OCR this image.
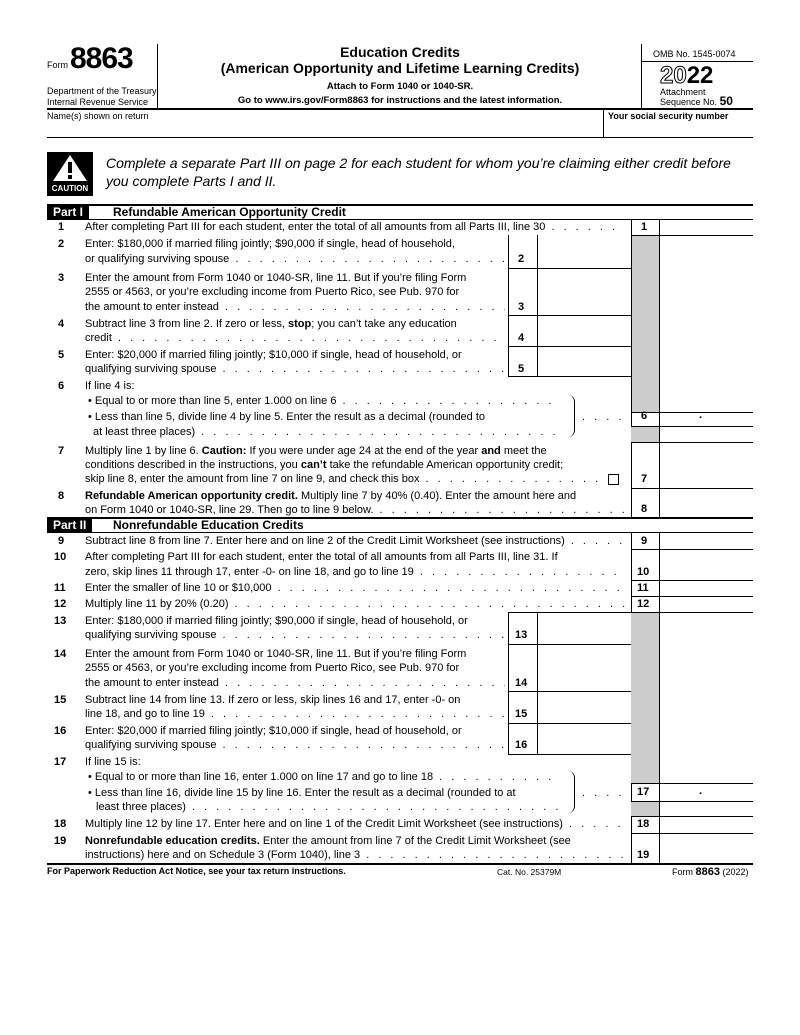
Form 8863
Department of the Treasury
Internal Revenue Service
Education Credits
(American Opportunity and Lifetime Learning Credits)
Attach to Form 1040 or 1040-SR.
Go to www.irs.gov/Form8863 for instructions and the latest information.
OMB No. 1545-0074
2022
Attachment
Sequence No. 50
Name(s) shown on return	Your social security number
CAUTION
Complete a separate Part III on page 2 for each student for whom you’re claiming either credit before
you complete Parts I and II.
Part I	Refundable American Opportunity Credit
1 After completing Part III for each student, enter the total of all amounts from all Parts III, line 30 . . .	1
2 Enter: $180,000 if married filing jointly; $90,000 if single, head of household,
or qualifying surviving spouse . . .	2
3 Enter the amount from Form 1040 or 1040-SR, line 11. But if you’re filing Form
2555 or 4563, or you’re excluding income from Puerto Rico, see Pub. 970 for
the amount to enter instead . . .	3
4 Subtract line 3 from line 2. If zero or less, stop; you can’t take any education
credit . . .	4
5 Enter: $20,000 if married filing jointly; $10,000 if single, head of household, or
qualifying surviving spouse . . .	5
6 If line 4 is:
• Equal to or more than line 5, enter 1.000 on line 6 . . .
• Less than line 5, divide line 4 by line 5. Enter the result as a decimal (rounded to
at least three places) . . .
. . .
6	.
7 Multiply line 1 by line 6. Caution: If you were under age 24 at the end of the year and meet the
conditions described in the instructions, you can’t take the refundable American opportunity credit;
skip line 8, enter the amount from line 7 on line 9, and check this box . . .	7
8 Refundable American opportunity credit. Multiply line 7 by 40% (0.40). Enter the amount here and
on Form 1040 or 1040-SR, line 29. Then go to line 9 below. . . .	8
Part II	Nonrefundable Education Credits
9 Subtract line 8 from line 7. Enter here and on line 2 of the Credit Limit Worksheet (see instructions) . . .	9
10 After completing Part III for each student, enter the total of all amounts from all Parts III, line 31. If
zero, skip lines 11 through 17, enter -0- on line 18, and go to line 19 . . .	10
11 Enter the smaller of line 10 or $10,000 . . .	11
12 Multiply line 11 by 20% (0.20) . . .	12
13 Enter: $180,000 if married filing jointly; $90,000 if single, head of household, or
qualifying surviving spouse . . .	13
14 Enter the amount from Form 1040 or 1040-SR, line 11. But if you’re filing Form
2555 or 4563, or you’re excluding income from Puerto Rico, see Pub. 970 for
the amount to enter instead . . .	14
15 Subtract line 14 from line 13. If zero or less, skip lines 16 and 17, enter -0- on
line 18, and go to line 19 . . .	15
16 Enter: $20,000 if married filing jointly; $10,000 if single, head of household, or
qualifying surviving spouse . . .	16
17 If line 15 is:
• Equal to or more than line 16, enter 1.000 on line 17 and go to line 18 . . .
• Less than line 16, divide line 15 by line 16. Enter the result as a decimal (rounded to at
least three places) . . .
. . .
17	.
18 Multiply line 12 by line 17. Enter here and on line 1 of the Credit Limit Worksheet (see instructions) . . .	18
19 Nonrefundable education credits. Enter the amount from line 7 of the Credit Limit Worksheet (see
instructions) here and on Schedule 3 (Form 1040), line 3 . . .	19
For Paperwork Reduction Act Notice, see your tax return instructions.	Cat. No. 25379M	Form 8863 (2022)
